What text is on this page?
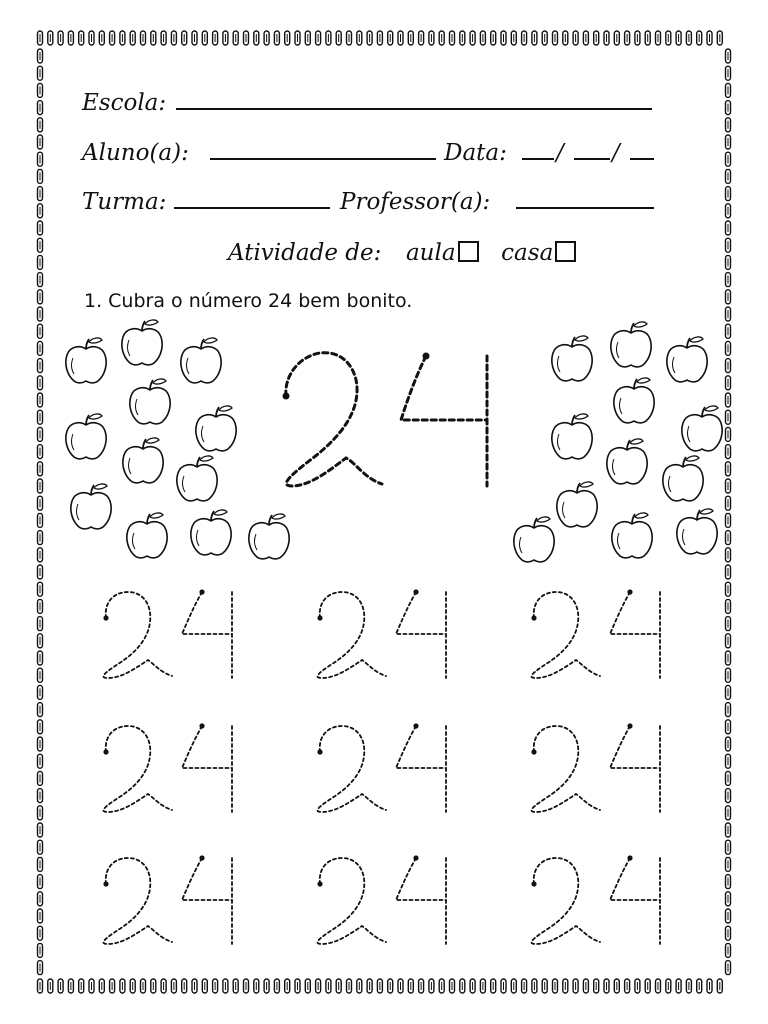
Escola:
Aluno(a):	Data: / /
Turma:	Professor(a):
Atividade de: aula casa
1. Cubra o número 24 bem bonito.
